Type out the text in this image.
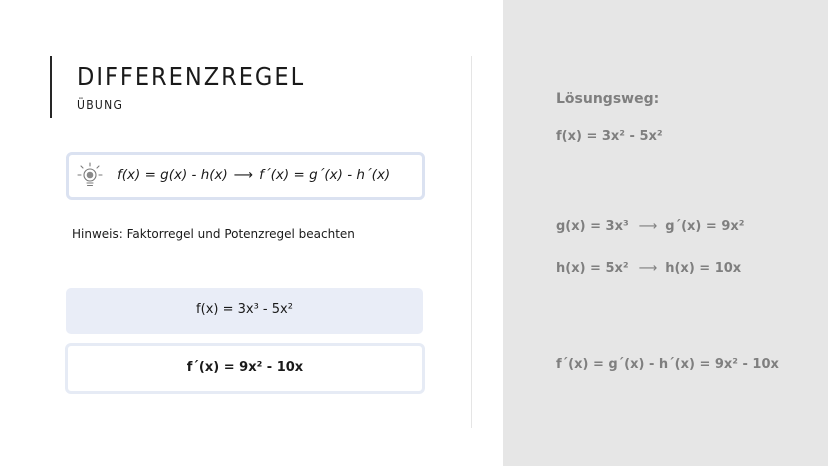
DIFFERENZREGEL
ÜBUNG
f(x) = g(x) - h(x) ⟶ f´(x) = g´(x) - h´(x)
Hinweis: Faktorregel und Potenzregel beachten
f(x) = 3x³ - 5x²
f´(x) = 9x² - 10x
Lösungsweg:
f(x) = 3x² - 5x²
g(x) = 3x³ ⟶ g´(x) = 9x²
h(x) = 5x² ⟶ h(x) = 10x
f´(x) = g´(x) - h´(x) = 9x² - 10x
